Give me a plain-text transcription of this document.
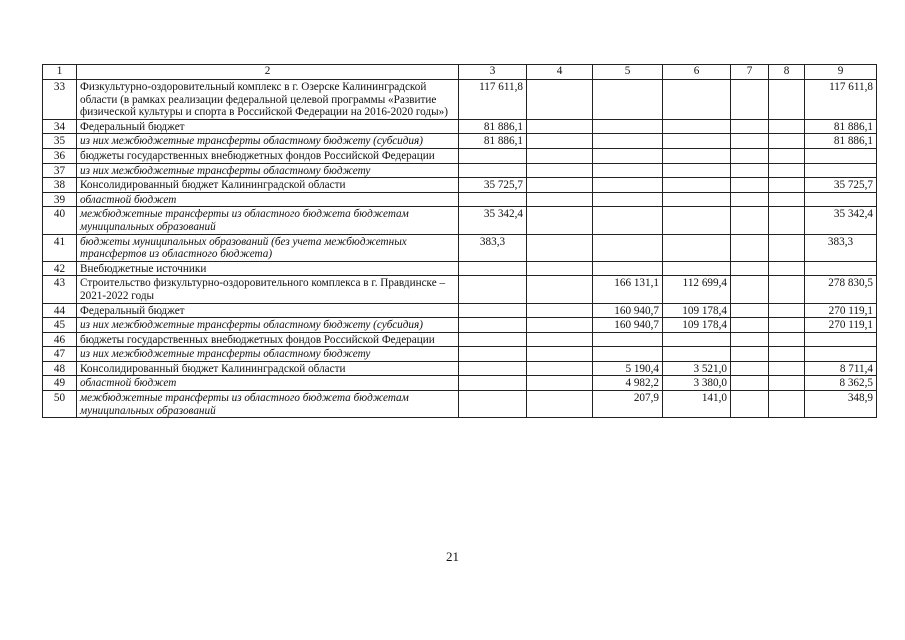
1	2	3	4	5	6	7	8	9
33	Физкультурно-оздоровительный комплекс в г. Озерске Калининградской области (в рамках реализации федеральной целевой программы «Развитие физической культуры и спорта в Российской Федерации на 2016-2020 годы»)	117 611,8						117 611,8
34	Федеральный бюджет	81 886,1						81 886,1
35	из них межбюджетные трансферты областному бюджету (субсидия)	81 886,1						81 886,1
36	бюджеты государственных внебюджетных фондов Российской Федерации							
37	из них межбюджетные трансферты областному бюджету							
38	Консолидированный бюджет Калининградской области	35 725,7						35 725,7
39	областной бюджет							
40	межбюджетные трансферты из областного бюджета бюджетам муниципальных образований	35 342,4						35 342,4
41	бюджеты муниципальных образований (без учета межбюджетных трансфертов из областного бюджета)	383,3						383,3
42	Внебюджетные источники							
43	Строительство физкультурно-оздоровительного комплекса в г. Правдинске – 2021-2022 годы			166 131,1	112 699,4			278 830,5
44	Федеральный бюджет			160 940,7	109 178,4			270 119,1
45	из них межбюджетные трансферты областному бюджету (субсидия)			160 940,7	109 178,4			270 119,1
46	бюджеты государственных внебюджетных фондов Российской Федерации							
47	из них межбюджетные трансферты областному бюджету							
48	Консолидированный бюджет Калининградской области			5 190,4	3 521,0			8 711,4
49	областной бюджет			4 982,2	3 380,0			8 362,5
50	межбюджетные трансферты из областного бюджета бюджетам муниципальных образований			207,9	141,0			348,9
21
